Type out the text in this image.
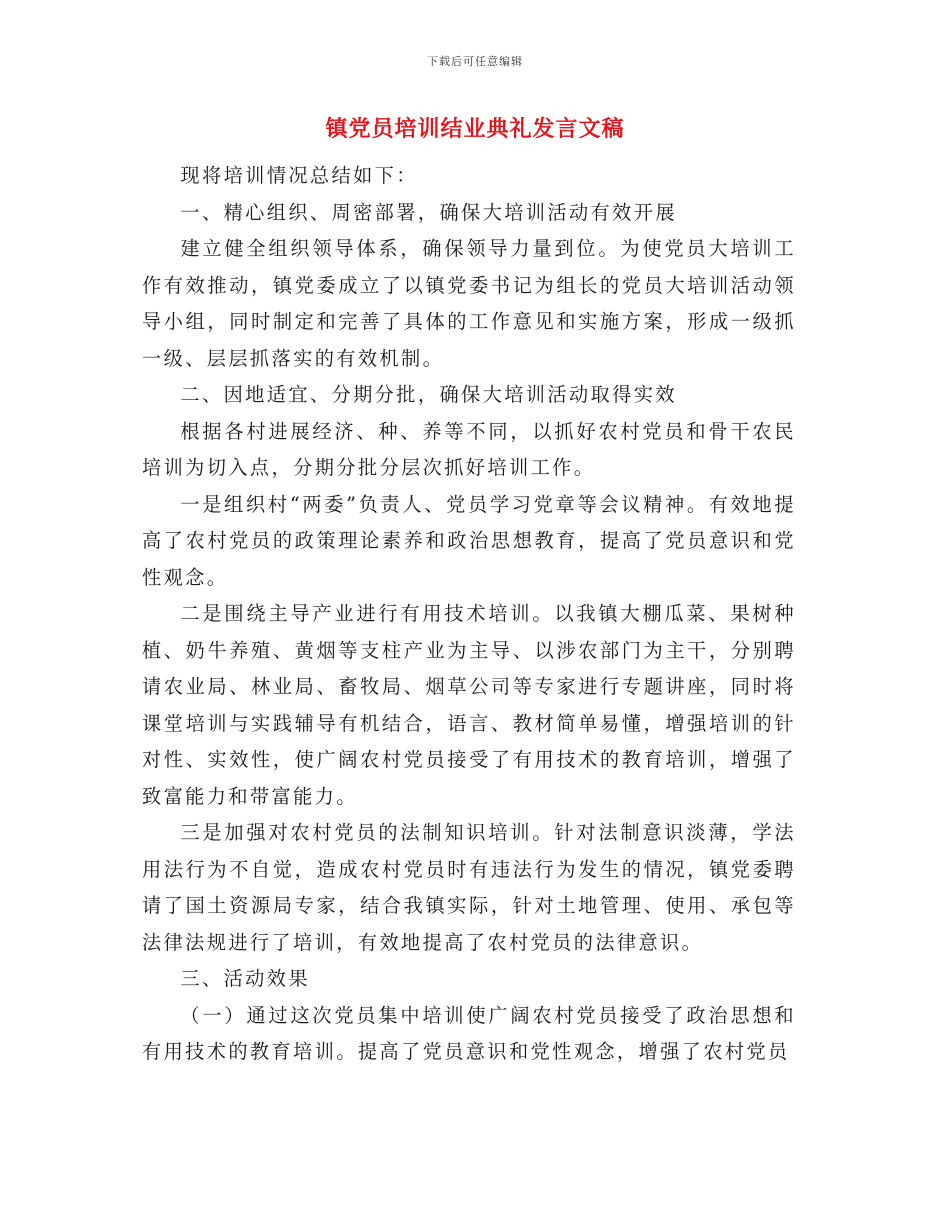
下载后可任意编辑
镇党员培训结业典礼发言文稿

现将培训情况总结如下：

一、精心组织、周密部署，确保大培训活动有效开展

建立健全组织领导体系，确保领导力量到位。为使党员大培训工作有效推动，镇党委成立了以镇党委书记为组长的党员大培训活动领导小组，同时制定和完善了具体的工作意见和实施方案，形成一级抓一级、层层抓落实的有效机制。

二、因地适宜、分期分批，确保大培训活动取得实效

根据各村进展经济、种、养等不同，以抓好农村党员和骨干农民培训为切入点，分期分批分层次抓好培训工作。

一是组织村“两委”负责人、党员学习党章等会议精神。有效地提高了农村党员的政策理论素养和政治思想教育，提高了党员意识和党性观念。

二是围绕主导产业进行有用技术培训。以我镇大棚瓜菜、果树种植、奶牛养殖、黄烟等支柱产业为主导、以涉农部门为主干，分别聘请农业局、林业局、畜牧局、烟草公司等专家进行专题讲座，同时将课堂培训与实践辅导有机结合，语言、教材简单易懂，增强培训的针对性、实效性，使广阔农村党员接受了有用技术的教育培训，增强了致富能力和带富能力。

三是加强对农村党员的法制知识培训。针对法制意识淡薄，学法用法行为不自觉，造成农村党员时有违法行为发生的情况，镇党委聘请了国土资源局专家，结合我镇实际，针对土地管理、使用、承包等法律法规进行了培训，有效地提高了农村党员的法律意识。

三、活动效果

（一）通过这次党员集中培训使广阔农村党员接受了政治思想和有用技术的教育培训。提高了党员意识和党性观念，增强了农村党员
